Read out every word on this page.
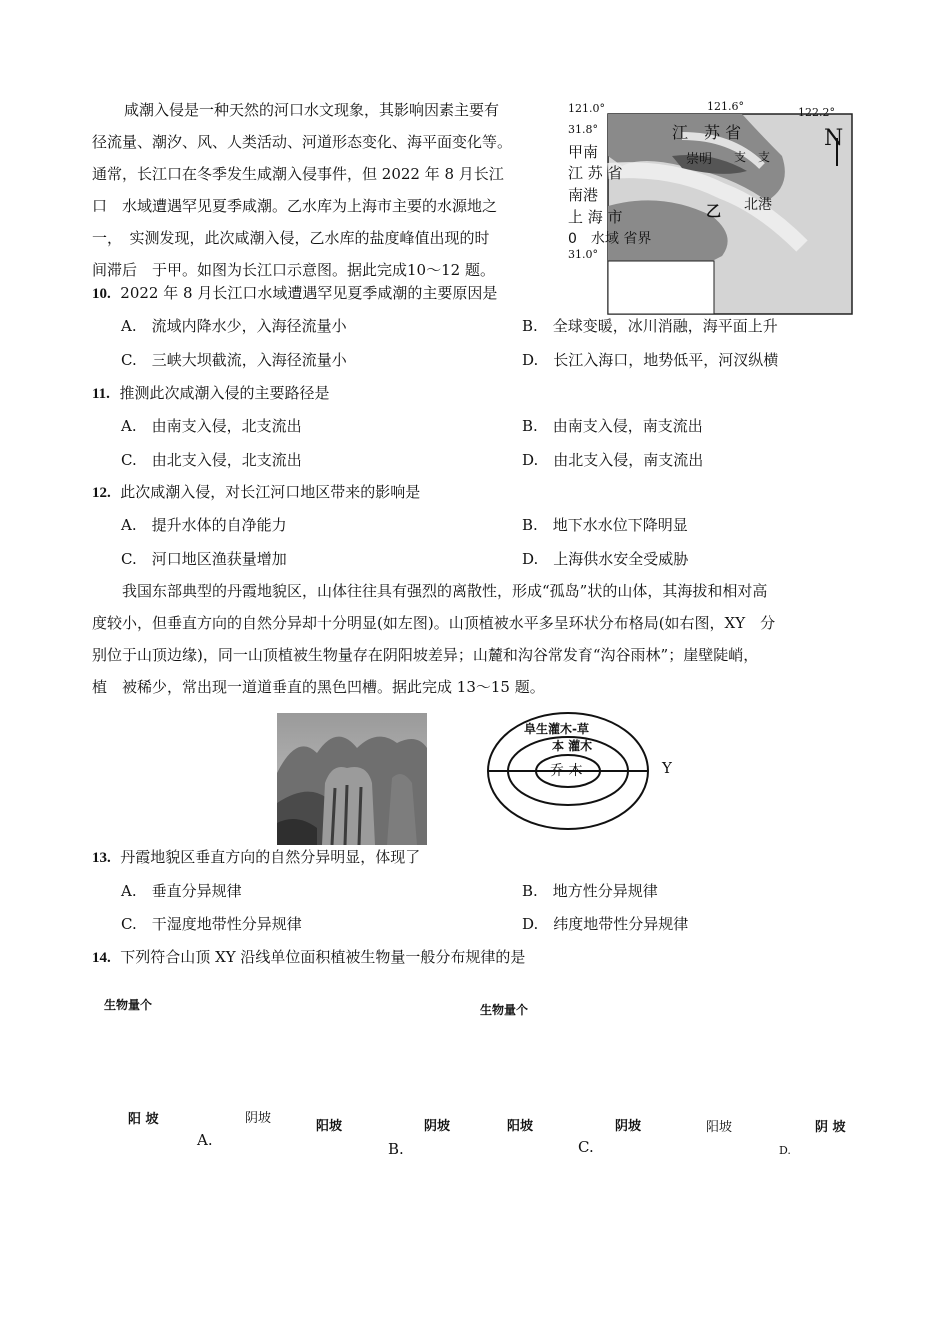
咸潮入侵是一种天然的河口水文现象，其影响因素主要有
径流量、潮汐、风、人类活动、河道形态变化、海平面变化等。
通常，长江口在冬季发生咸潮入侵事件，但 2022 年 8 月长江
口　水域遭遇罕见夏季咸潮。乙水库为上海市主要的水源地之
一，　实测发现，此次咸潮入侵，乙水库的盐度峰值出现的时
间滞后　于甲。如图为长江口示意图。据此完成10～12 题。
121.0°	121.6°	122.2°
31.8°
31.0°
江　苏 省
甲南
江 苏 省
南港
上 海 市
崇明 支　支
北港
乙
0　水域 省界
N
10. 2022 年 8 月长江口水域遭遇罕见夏季咸潮的主要原因是
A.　流域内降水少，入海径流量小	B.　全球变暖，冰川消融，海平面上升
C.　三峡大坝截流，入海径流量小	D.　长江入海口，地势低平，河汊纵横
11. 推测此次咸潮入侵的主要路径是
A.　由南支入侵，北支流出	B.　由南支入侵，南支流出
C.　由北支入侵，北支流出	D.　由北支入侵，南支流出
12. 此次咸潮入侵，对长江河口地区带来的影响是
A.　提升水体的自净能力	B.　地下水水位下降明显
C.　河口地区渔获量增加	D.　上海供水安全受威胁
我国东部典型的丹霞地貌区，山体往往具有强烈的离散性，形成“孤岛”状的山体，其海拔和相对高
度较小，但垂直方向的自然分异却十分明显(如左图)。山顶植被水平多呈环状分布格局(如右图，XY　分
别位于山顶边缘)，同一山顶植被生物量存在阴阳坡差异；山麓和沟谷常发育“沟谷雨林”；崖壁陡峭，
植　被稀少，常出现一道道垂直的黑色凹槽。据此完成 13～15 题。
阜生灌木-草
本 灌木
乔 木	Y
13. 丹霞地貌区垂直方向的自然分异明显，体现了
A.　垂直分异规律	B.　地方性分异规律
C.　干湿度地带性分异规律	D.　纬度地带性分异规律
14. 下列符合山顶 XY 沿线单位面积植被生物量一般分布规律的是
生物量个	生物量个
阳 坡	阴坡
A.
阳坡	阴坡
B.
阳坡	阴坡
C.
阳坡	阴 坡
D.
